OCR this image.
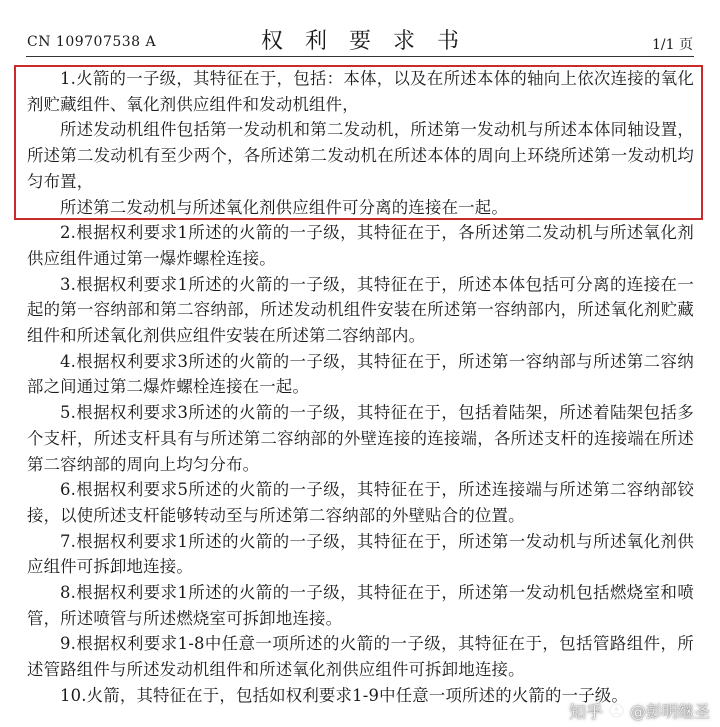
CN 109707538 A	权利要求书	1/1 页

1.火箭的一子级，其特征在于，包括：本体，以及在所述本体的轴向上依次连接的氧化剂贮藏组件、氧化剂供应组件和发动机组件，

所述发动机组件包括第一发动机和第二发动机，所述第一发动机与所述本体同轴设置，所述第二发动机有至少两个，各所述第二发动机在所述本体的周向上环绕所述第一发动机均匀布置，

所述第二发动机与所述氧化剂供应组件可分离的连接在一起。

2.根据权利要求1所述的火箭的一子级，其特征在于，各所述第二发动机与所述氧化剂供应组件通过第一爆炸螺栓连接。

3.根据权利要求1所述的火箭的一子级，其特征在于，所述本体包括可分离的连接在一起的第一容纳部和第二容纳部，所述发动机组件安装在所述第一容纳部内，所述氧化剂贮藏组件和所述氧化剂供应组件安装在所述第二容纳部内。

4.根据权利要求3所述的火箭的一子级，其特征在于，所述第一容纳部与所述第二容纳部之间通过第二爆炸螺栓连接在一起。

5.根据权利要求3所述的火箭的一子级，其特征在于，包括着陆架，所述着陆架包括多个支杆，所述支杆具有与所述第二容纳部的外壁连接的连接端，各所述支杆的连接端在所述第二容纳部的周向上均匀分布。

6.根据权利要求5所述的火箭的一子级，其特征在于，所述连接端与所述第二容纳部铰接，以使所述支杆能够转动至与所述第二容纳部的外壁贴合的位置。

7.根据权利要求1所述的火箭的一子级，其特征在于，所述第一发动机与所述氧化剂供应组件可拆卸地连接。

8.根据权利要求1所述的火箭的一子级，其特征在于，所述第一发动机包括燃烧室和喷管，所述喷管与所述燃烧室可拆卸地连接。

9.根据权利要求1-8中任意一项所述的火箭的一子级，其特征在于，包括管路组件，所述管路组件与所述发动机组件和所述氧化剂供应组件可拆卸地连接。

10.火箭，其特征在于，包括如权利要求1-9中任意一项所述的火箭的一子级。

知乎 @彭明继圣
